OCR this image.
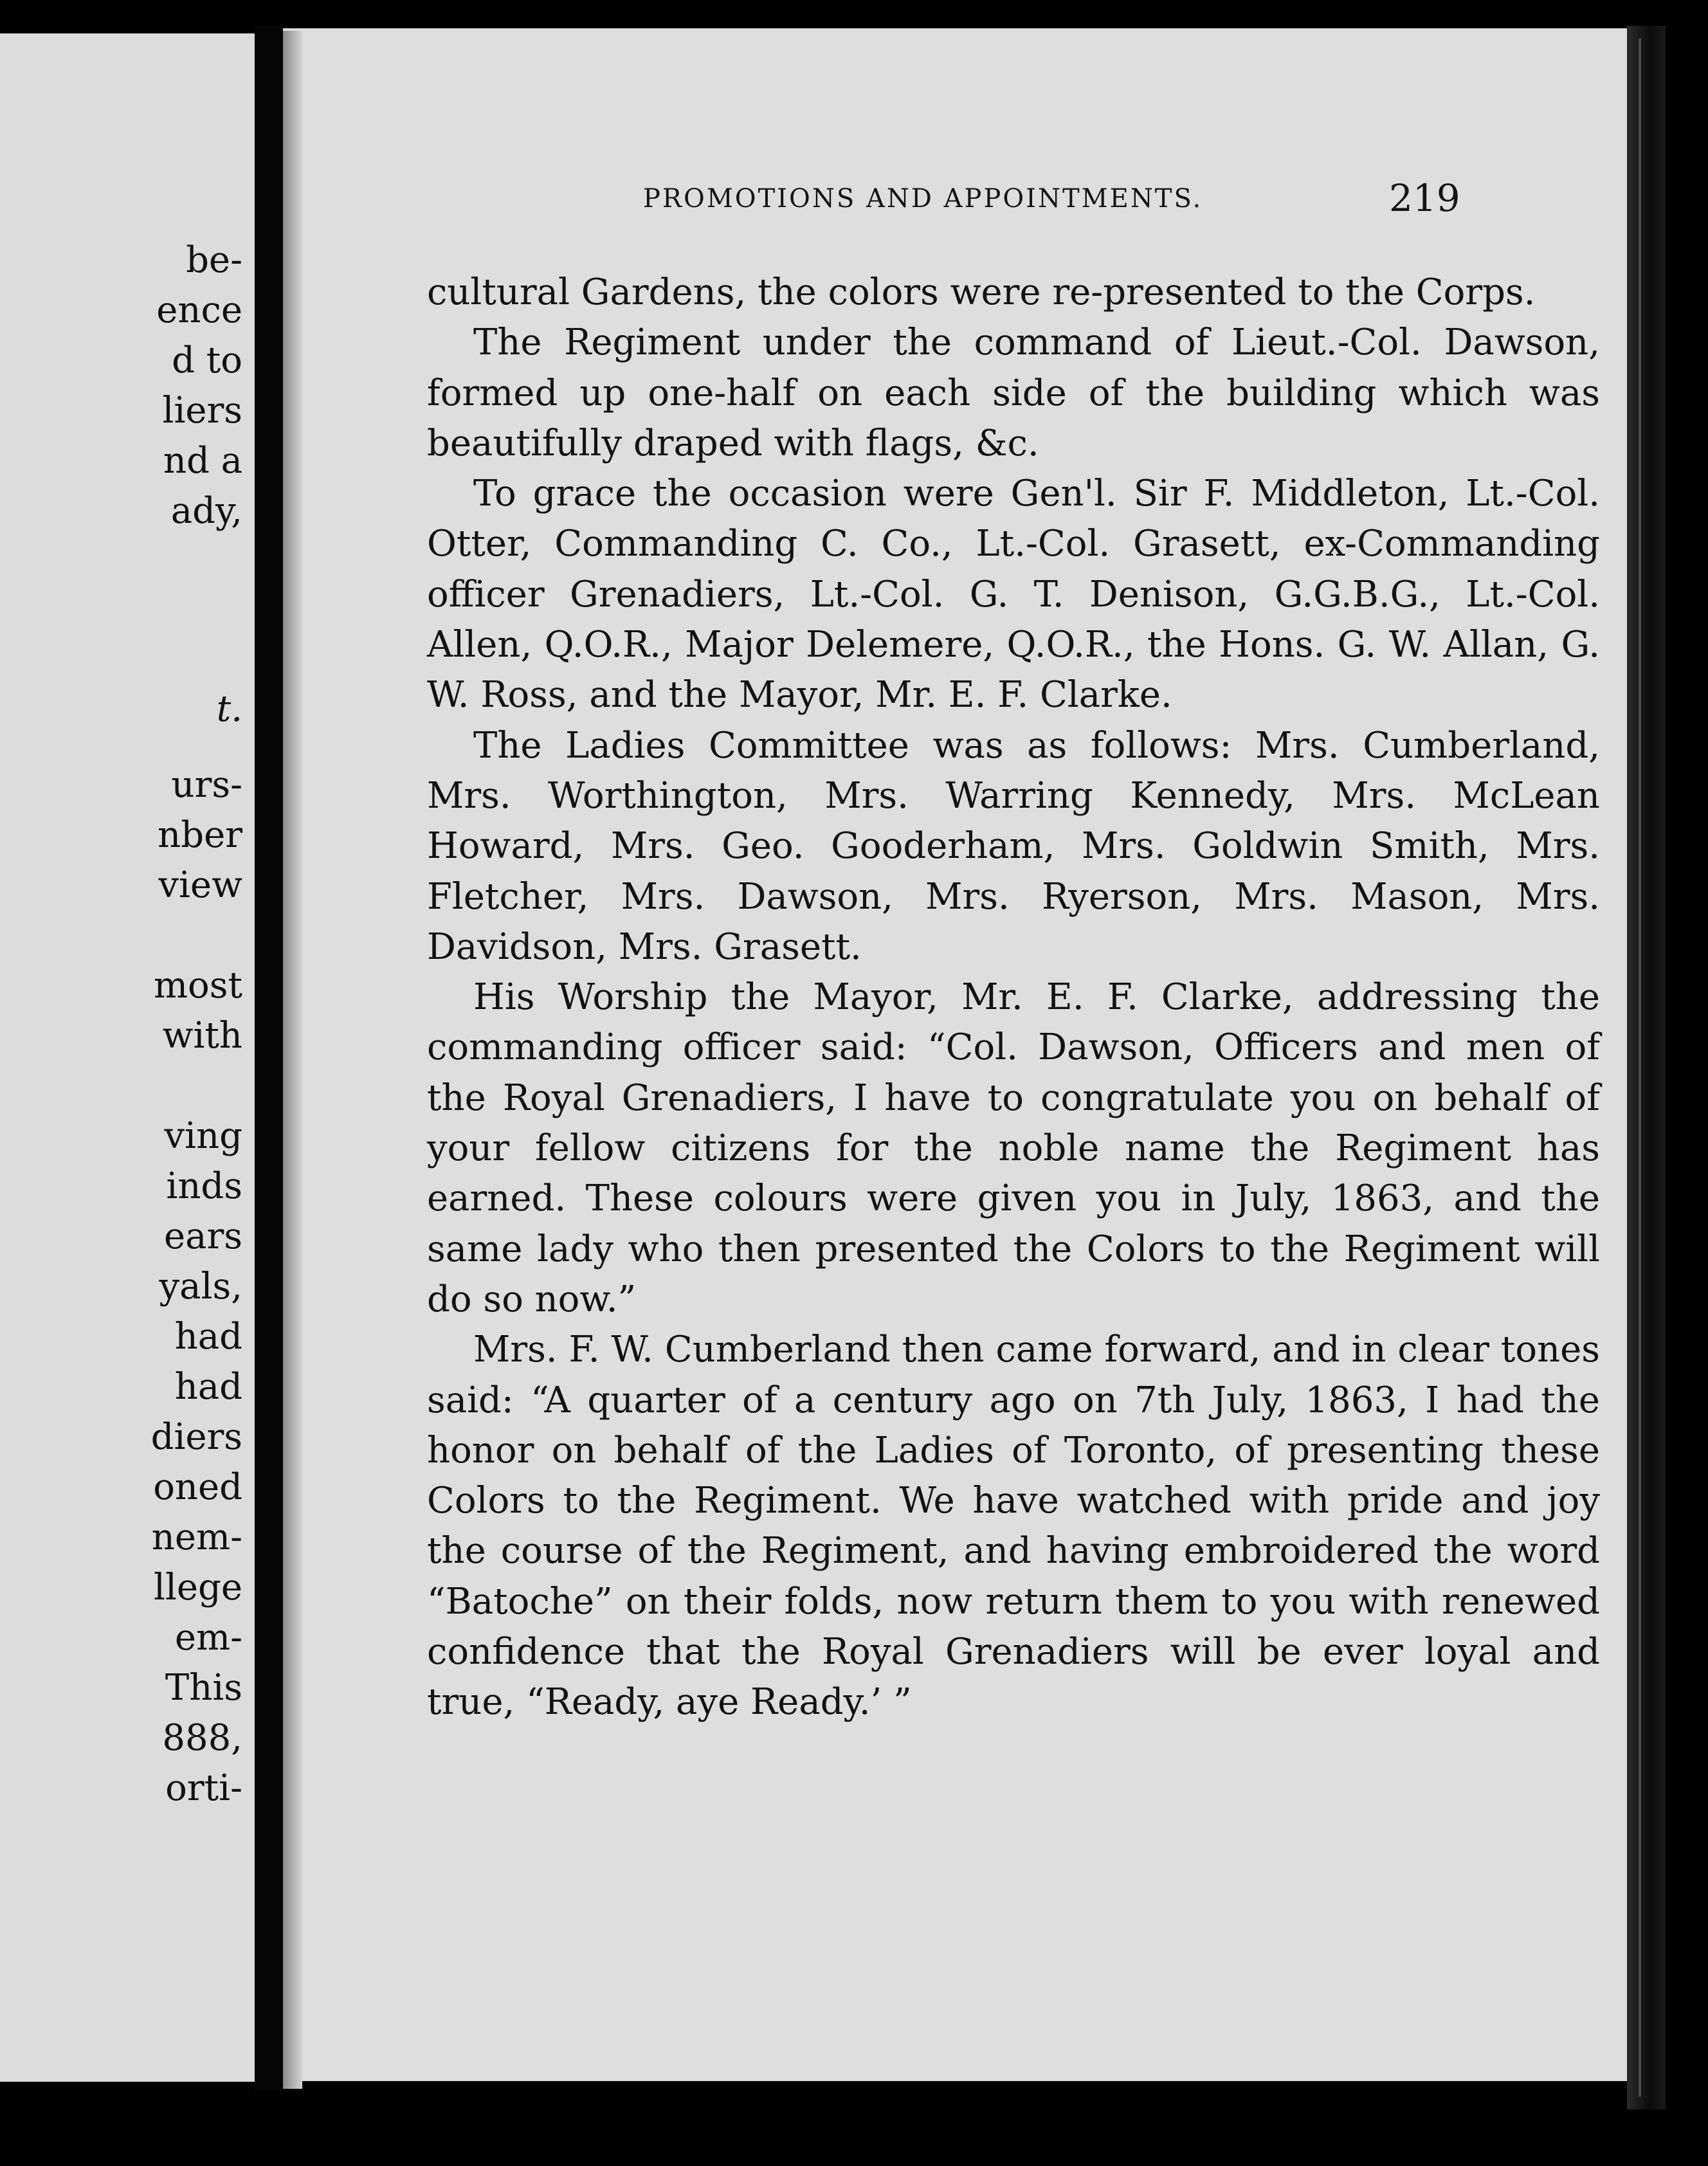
be-
ence
d to
liers
nd a
ady,
t.
urs-
nber
view
most
with
ving
inds
ears
yals,
had
had
diers
oned
nem-
llege
em-
This
888,
orti-
PROMOTIONS AND APPOINTMENTS.	219

cultural Gardens, the colors were re-presented to the Corps.

The Regiment under the command of Lieut.-Col. Dawson, formed up one-half on each side of the building which was beautifully draped with flags, &c.

To grace the occasion were Gen'l. Sir F. Middleton, Lt.-Col. Otter, Commanding C. Co., Lt.-Col. Grasett, ex-Commanding officer Grenadiers, Lt.-Col. G. T. Denison, G.G.B.G., Lt.-Col. Allen, Q.O.R., Major Delemere, Q.O.R., the Hons. G. W. Allan, G. W. Ross, and the Mayor, Mr. E. F. Clarke.

The Ladies Committee was as follows: Mrs. Cumberland, Mrs. Worthington, Mrs. Warring Kennedy, Mrs. McLean Howard, Mrs. Geo. Gooderham, Mrs. Goldwin Smith, Mrs. Fletcher, Mrs. Dawson, Mrs. Ryerson, Mrs. Mason, Mrs. Davidson, Mrs. Grasett.

His Worship the Mayor, Mr. E. F. Clarke, addressing the commanding officer said: “Col. Dawson, Officers and men of the Royal Grenadiers, I have to congratulate you on behalf of your fellow citizens for the noble name the Regiment has earned. These colours were given you in July, 1863, and the same lady who then presented the Colors to the Regiment will do so now.”

Mrs. F. W. Cumberland then came forward, and in clear tones said: “A quarter of a century ago on 7th July, 1863, I had the honor on behalf of the Ladies of Toronto, of presenting these Colors to the Regiment. We have watched with pride and joy the course of the Regiment, and having embroidered the word “Batoche” on their folds, now return them to you with renewed confidence that the Royal Grenadiers will be ever loyal and true, “Ready, aye Ready.’ ”
